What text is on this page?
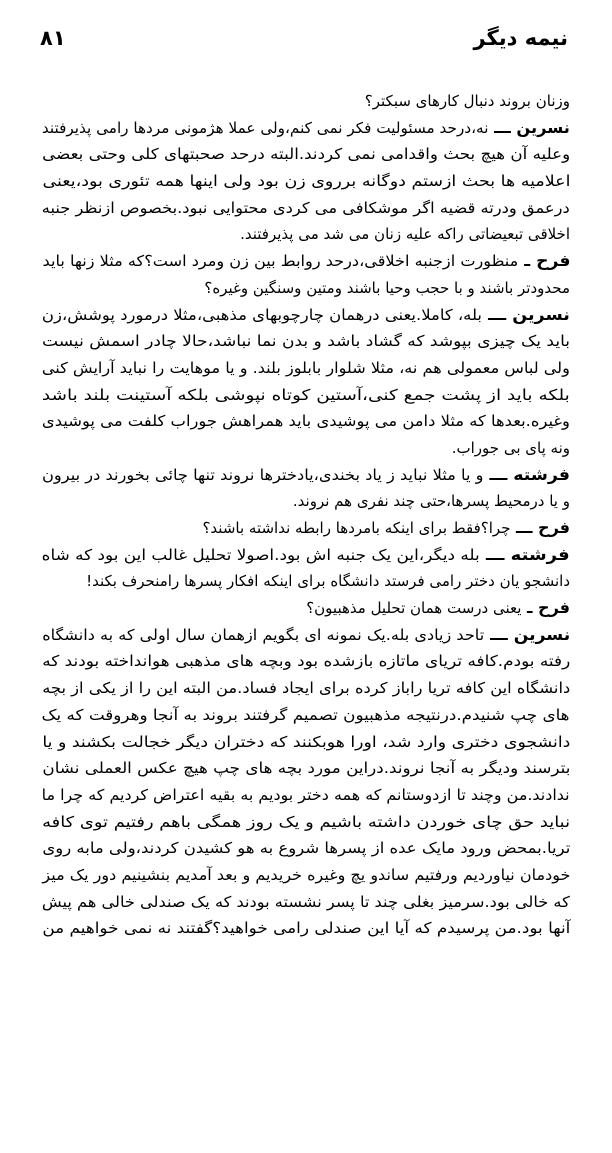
نیمه دیگر
۸۱
وزنان بروند دنبال کارهای سبکتر؟
نسرین ـــ نه،درحد مسئولیت فکر نمی کنم،ولی عملا هژمونی مردها رامی پذیرفتند
وعلیه آن هیچ بحث واقدامی نمی کردند.البته درحد صحبتهای کلی وحتی بعضی
اعلامیه ها بحث ازستم دوگانه برروی زن بود ولی اینها همه تئوری بود،یعنی
درعمق ودرته قضیه اگر موشکافی می کردی محتوایی نبود.بخصوص ازنظر جنبه
اخلاقی تبعیضاتی راکه علیه زنان می شد می پذیرفتند.
فرح ـ منظورت ازجنبه اخلاقی،درحد روابط بین زن ومرد است؟که مثلا زنها باید
محدودتر باشند و با حجب وحیا باشند ومتین وسنگین وغیره؟
نسرین ـــ بله، کاملا.یعنی درهمان چارچوبهای مذهبی،مثلا درمورد پوشش،زن
باید یک چیزی بپوشد که گشاد باشد و بدن نما نباشد،حالا چادر اسمش نیست
ولی لباس معمولی هم نه، مثلا شلوار بابلوز بلند. و یا موهایت را نباید آرایش کنی
بلکه باید از پشت جمع کنی،آستین کوتاه نپوشی بلکه آستینت بلند باشد
وغیره.بعدها که مثلا دامن می پوشیدی باید همراهش جوراب کلفت می پوشیدی
ونه پای بی جوراب.
فرشته ـــ و یا مثلا نباید ز یاد بخندی،یادخترها نروند تنها چائی بخورند در بیرون
و یا درمحیط پسرها،حتی چند نفری هم نروند.
فرح ـــ چرا؟فقط برای اینکه بامردها رابطه نداشته باشند؟
فرشته ـــ بله دیگر،این یک جنبه اش بود.اصولا تحلیل غالب این بود که شاه
دانشجو یان دختر رامی فرستد دانشگاه برای اینکه افکار پسرها رامنحرف بکند!
فرح ـ یعنی درست همان تحلیل مذهبیون؟
نسرین ـــ تاحد زیادی بله.یک نمونه ای بگویم ازهمان سال اولی که به دانشگاه
رفته بودم.کافه تریای ماتازه بازشده بود وبچه های مذهبی هوانداخته بودند که
دانشگاه این کافه تریا راباز کرده برای ایجاد فساد.من البته این را از یکی از بچه
های چپ شنیدم.درنتیجه مذهبیون تصمیم گرفتند بروند به آنجا وهروقت که یک
دانشجوی دختری وارد شد، اورا هوبکنند که دختران دیگر خجالت بکشند و یا
بترسند ودیگر به آنجا نروند.دراین مورد بچه های چپ هیچ عکس العملی نشان
ندادند.من وچند تا ازدوستانم که همه دختر بودیم به بقیه اعتراض کردیم که چرا ما
نباید حق چای خوردن داشته باشیم و یک روز همگی باهم رفتیم توی کافه
تریا.بمحض ورود مایک عده از پسرها شروع به هو کشیدن کردند،ولی مابه روی
خودمان نیاوردیم ورفتیم ساندو یچ وغیره خریدیم و بعد آمدیم بنشینیم دور یک میز
که خالی بود.سرمیز بغلی چند تا پسر نشسته بودند که یک صندلی خالی هم پیش
آنها بود.من پرسیدم که آیا این صندلی رامی خواهید؟گفتند نه نمی خواهیم من
